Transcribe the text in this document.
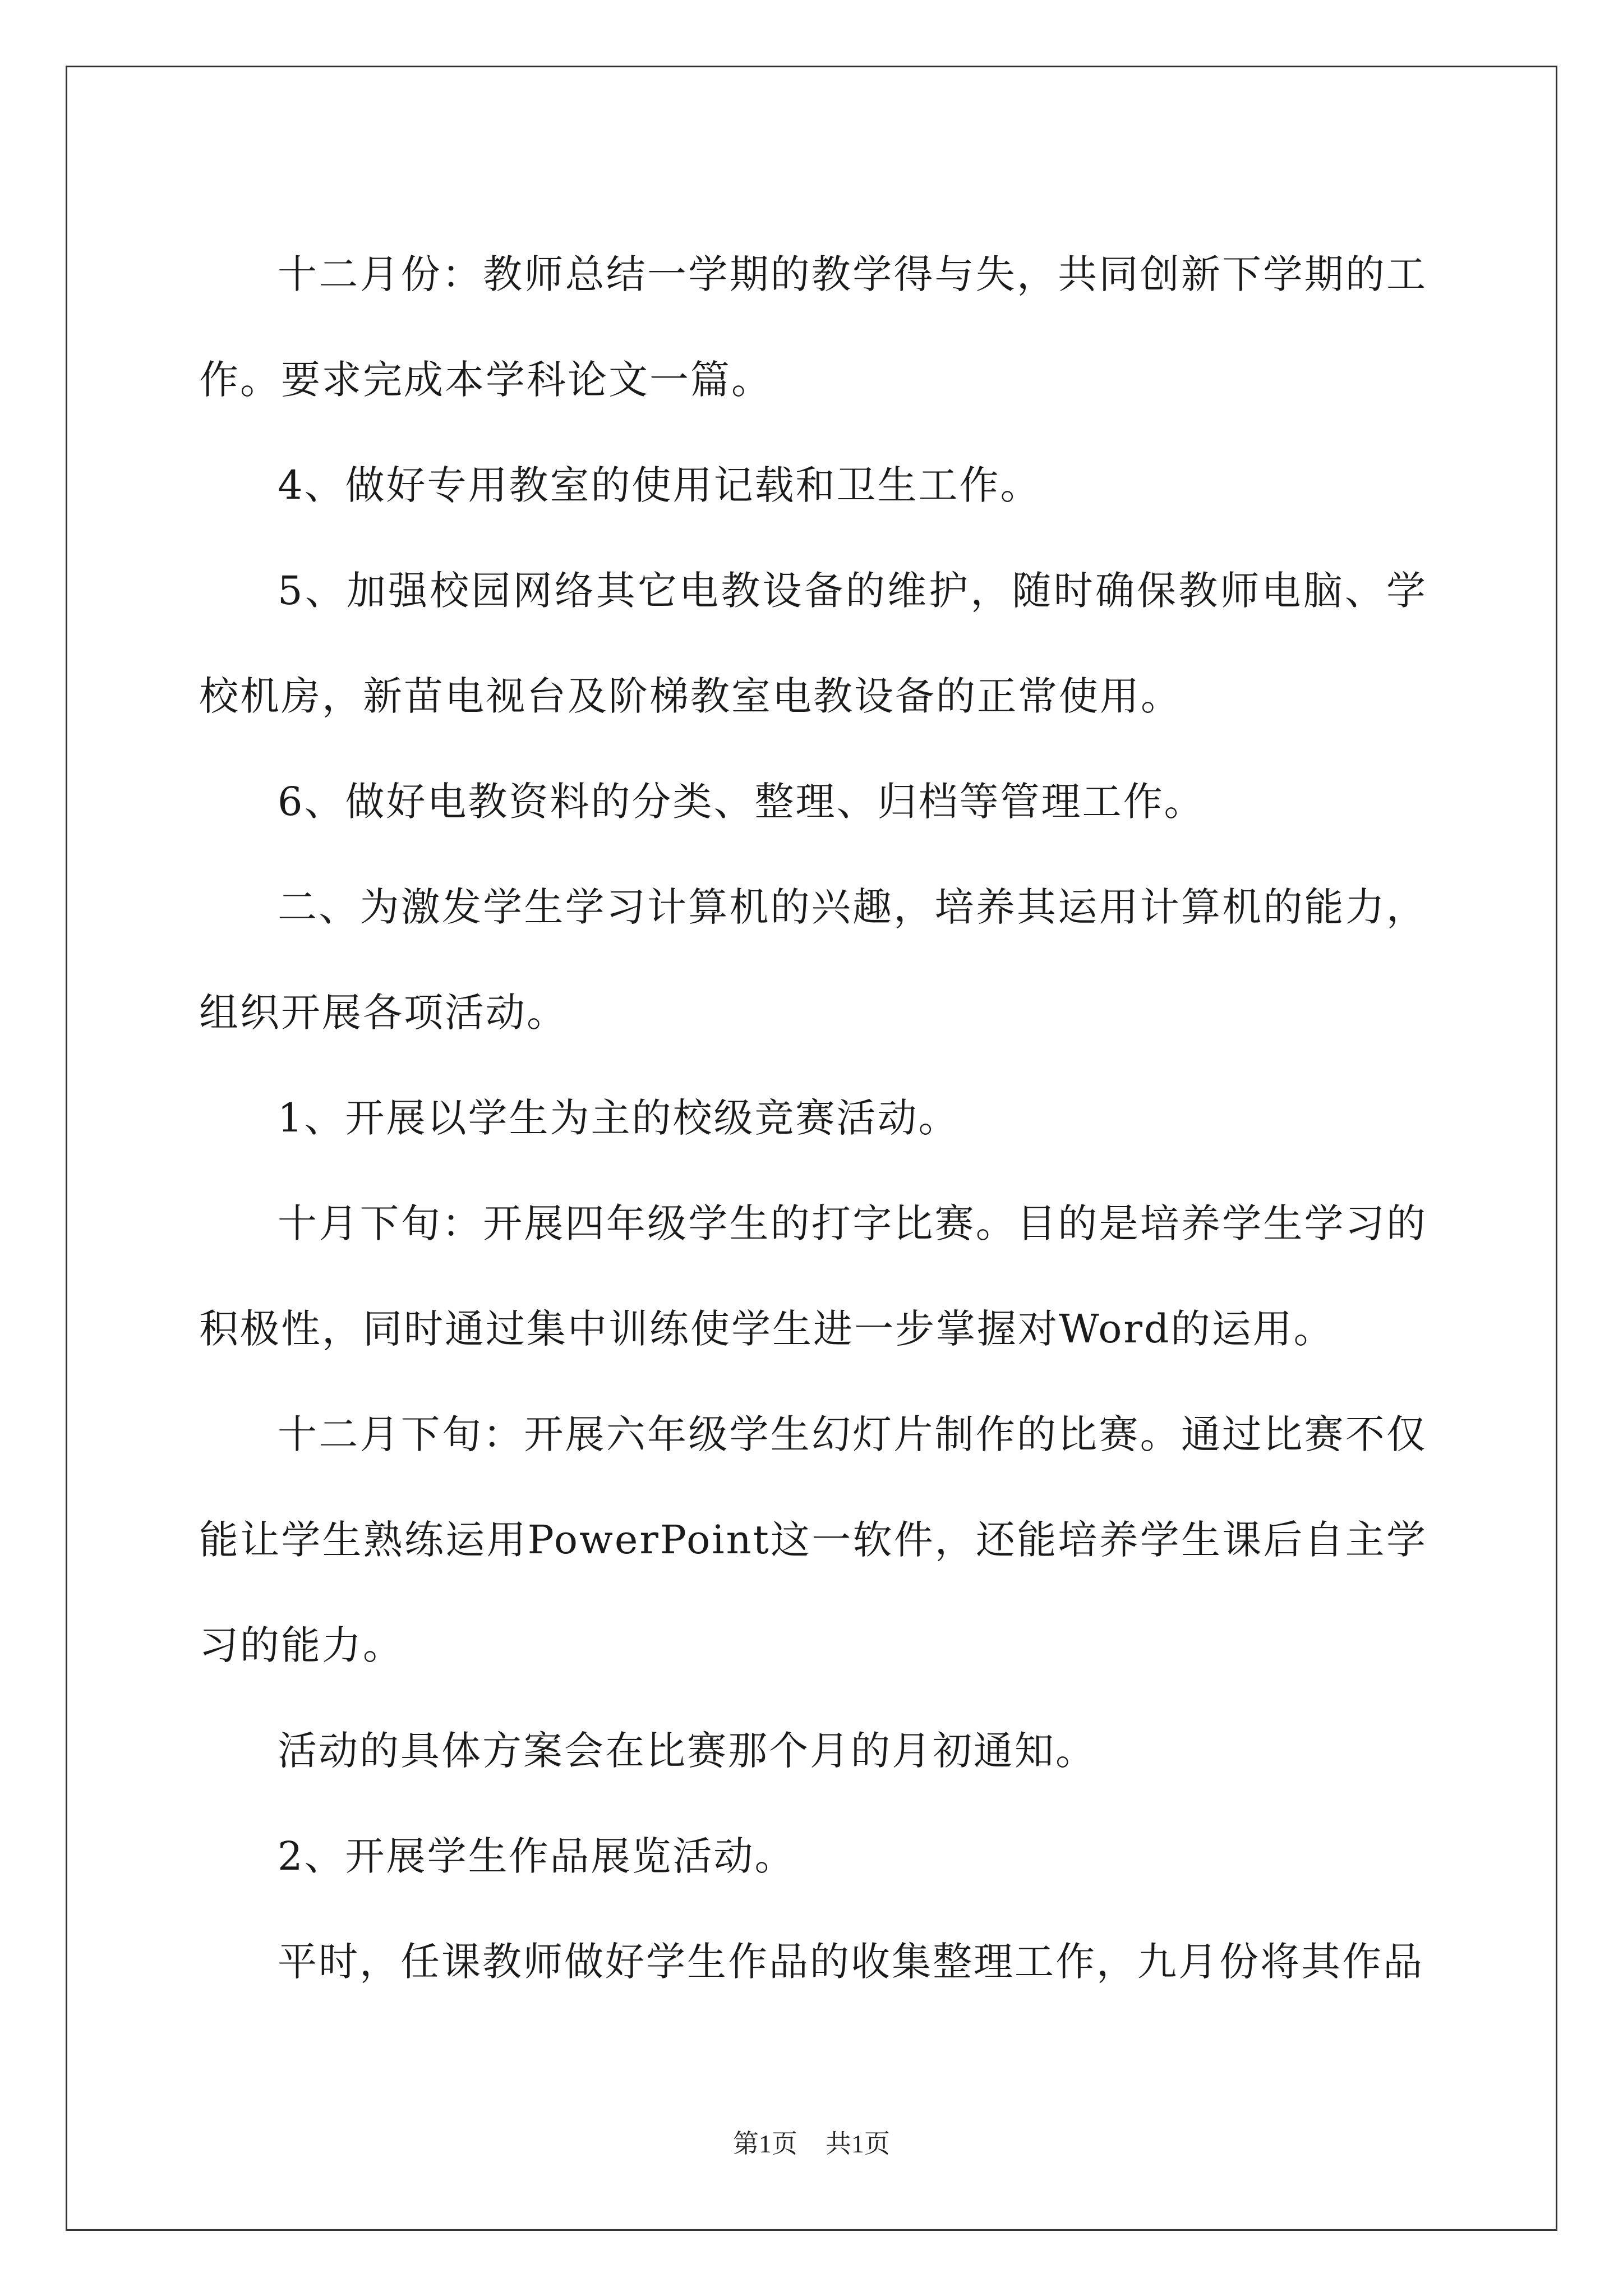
十二月份：教师总结一学期的教学得与失，共同创新下学期的工作。要求完成本学科论文一篇。

4、做好专用教室的使用记载和卫生工作。

5、加强校园网络其它电教设备的维护，随时确保教师电脑、学校机房，新苗电视台及阶梯教室电教设备的正常使用。

6、做好电教资料的分类、整理、归档等管理工作。

二、为激发学生学习计算机的兴趣，培养其运用计算机的能力，组织开展各项活动。

1、开展以学生为主的校级竞赛活动。

十月下旬：开展四年级学生的打字比赛。目的是培养学生学习的积极性，同时通过集中训练使学生进一步掌握对Word的运用。

十二月下旬：开展六年级学生幻灯片制作的比赛。通过比赛不仅能让学生熟练运用PowerPoint这一软件，还能培养学生课后自主学习的能力。

活动的具体方案会在比赛那个月的月初通知。

2、开展学生作品展览活动。

平时，任课教师做好学生作品的收集整理工作，九月份将其作品

第1页 共1页
